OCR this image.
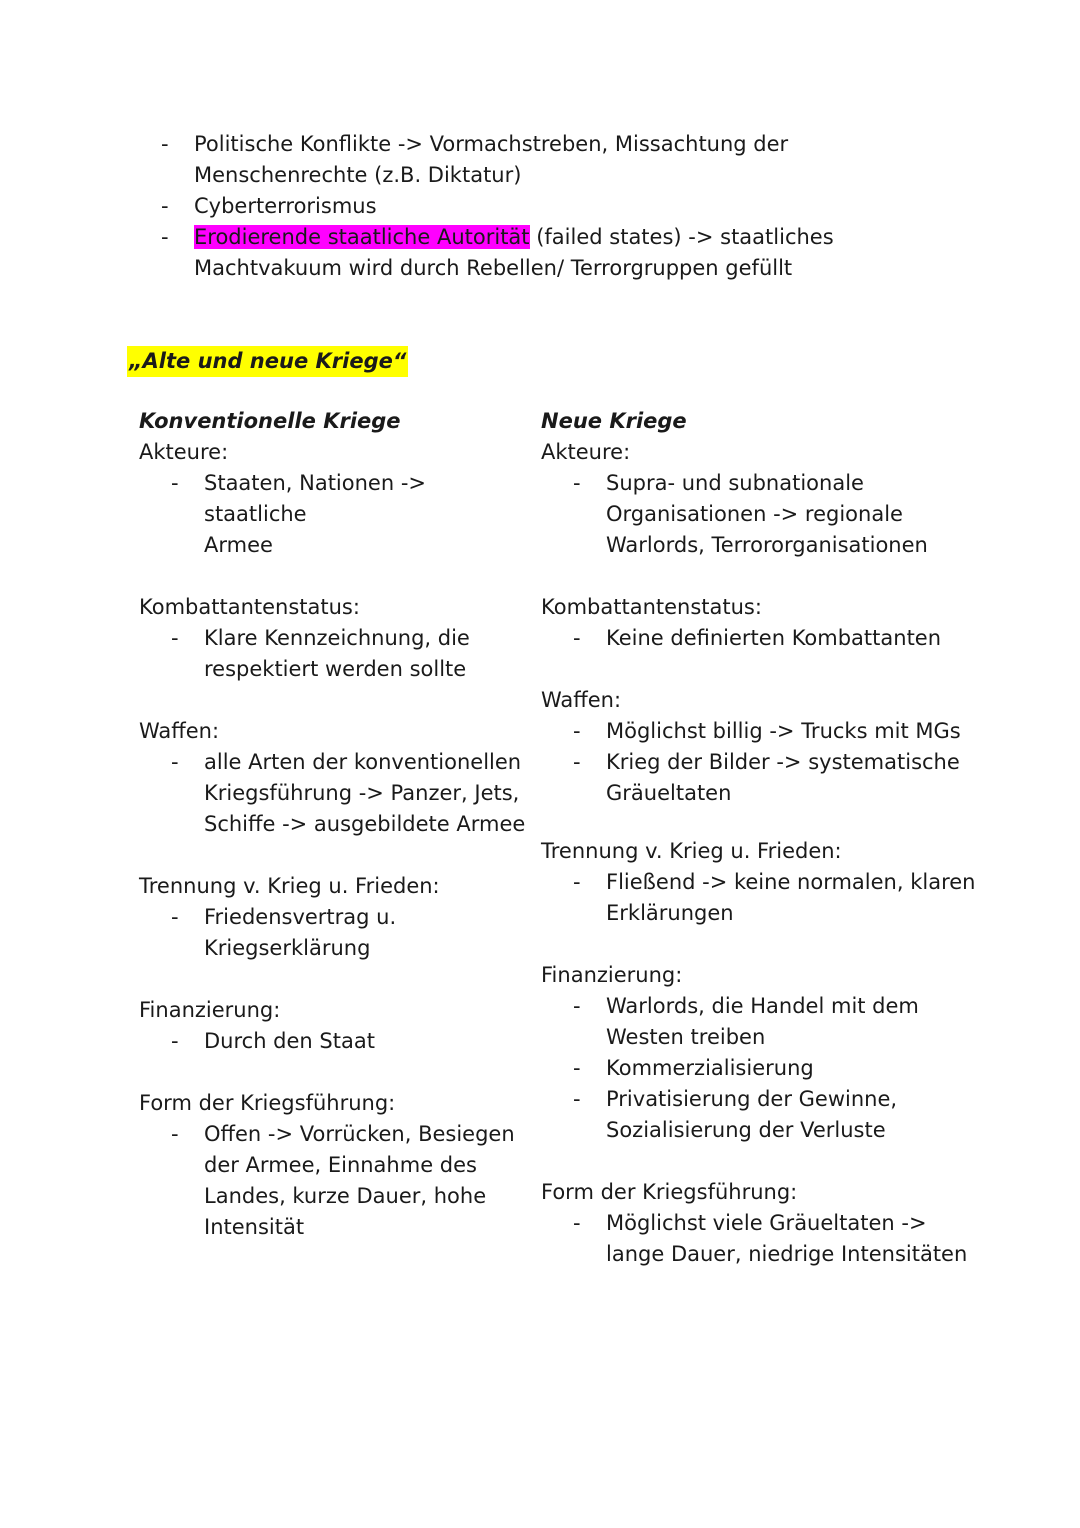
- Politische Konflikte -> Vormachstreben, Missachtung der
Menschenrechte (z.B. Diktatur)
- Cyberterrorismus
- Erodierende staatliche Autorität (failed states) -> staatliches
Machtvakuum wird durch Rebellen/ Terrorgruppen gefüllt
„Alte und neue Kriege“
Konventionelle Kriege
Akteure:
- Staaten, Nationen -> staatliche
Armee
Kombattantenstatus:
- Klare Kennzeichnung, die
respektiert werden sollte
Waffen:
- alle Arten der konventionellen
Kriegsführung -> Panzer, Jets,
Schiffe -> ausgebildete Armee
Trennung v. Krieg u. Frieden:
- Friedensvertrag u.
Kriegserklärung
Finanzierung:
- Durch den Staat
Form der Kriegsführung:
- Offen -> Vorrücken, Besiegen
der Armee, Einnahme des
Landes, kurze Dauer, hohe
Intensität
Neue Kriege
Akteure:
- Supra- und subnationale
Organisationen -> regionale
Warlords, Terrororganisationen
Kombattantenstatus:
- Keine definierten Kombattanten
Waffen:
- Möglichst billig -> Trucks mit MGs
- Krieg der Bilder -> systematische
Gräueltaten
Trennung v. Krieg u. Frieden:
- Fließend -> keine normalen, klaren
Erklärungen
Finanzierung:
- Warlords, die Handel mit dem
Westen treiben
- Kommerzialisierung
- Privatisierung der Gewinne,
Sozialisierung der Verluste
Form der Kriegsführung:
- Möglichst viele Gräueltaten ->
lange Dauer, niedrige Intensitäten
